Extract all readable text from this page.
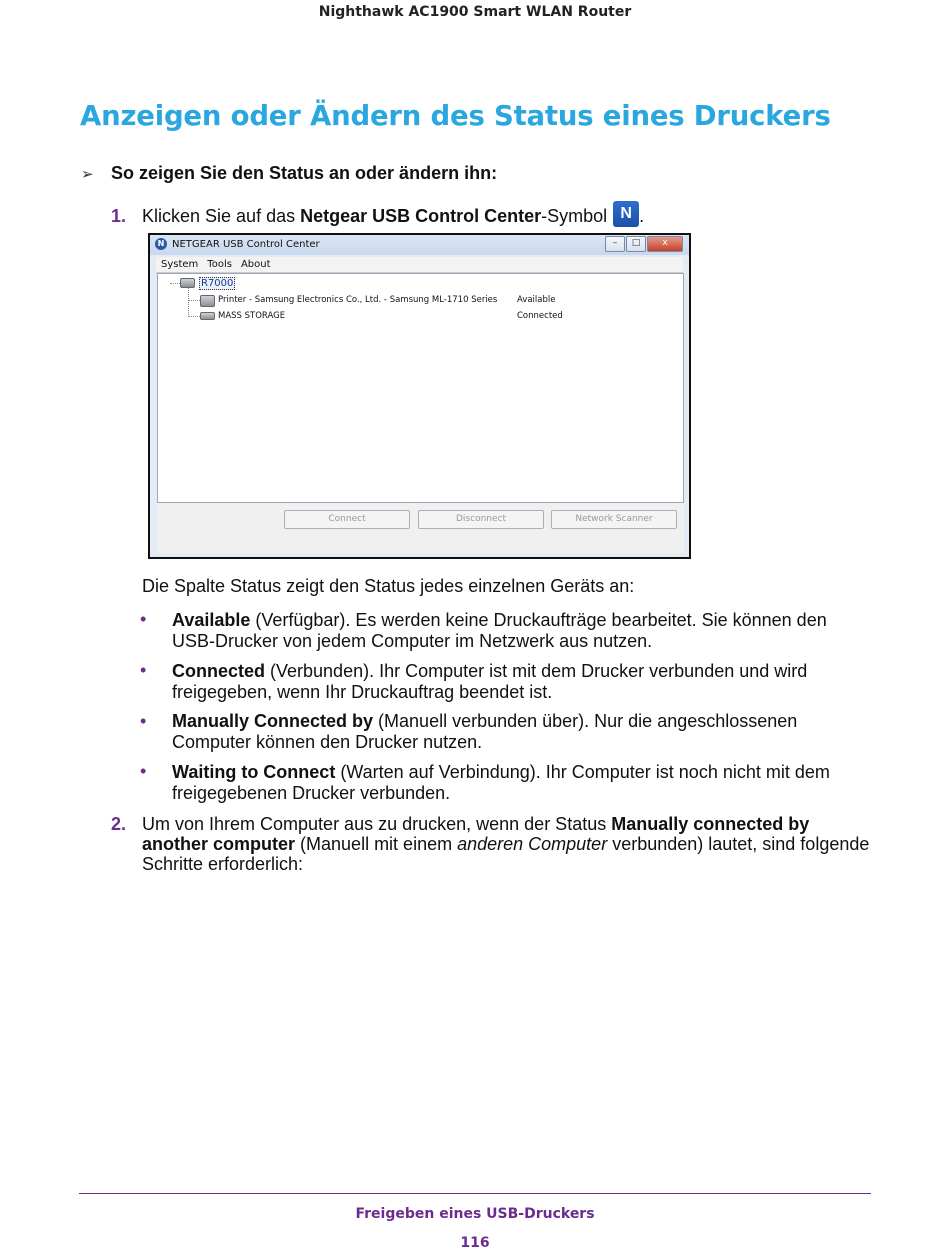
Nighthawk AC1900 Smart WLAN Router
Anzeigen oder Ändern des Status eines Druckers
➢ So zeigen Sie den Status an oder ändern ihn:
1. Klicken Sie auf das Netgear USB Control Center-Symbol N .
N NETGEAR USB Control Center	–	□	x
System Tools About
R7000
Printer - Samsung Electronics Co., Ltd. - Samsung ML-1710 Series Available
MASS STORAGE	Connected
Connect	Disconnect	Network Scanner
Die Spalte Status zeigt den Status jedes einzelnen Geräts an:
• Available (Verfügbar). Es werden keine Druckaufträge bearbeitet. Sie können den USB-Drucker von jedem Computer im Netzwerk aus nutzen.
• Connected (Verbunden). Ihr Computer ist mit dem Drucker verbunden und wird freigegeben, wenn Ihr Druckauftrag beendet ist.
• Manually Connected by (Manuell verbunden über). Nur die angeschlossenen Computer können den Drucker nutzen.
• Waiting to Connect (Warten auf Verbindung). Ihr Computer ist noch nicht mit dem freigegebenen Drucker verbunden.
2. Um von Ihrem Computer aus zu drucken, wenn der Status Manually connected by another computer (Manuell mit einem anderen Computer verbunden) lautet, sind folgende Schritte erforderlich:
Freigeben eines USB-Druckers
116
